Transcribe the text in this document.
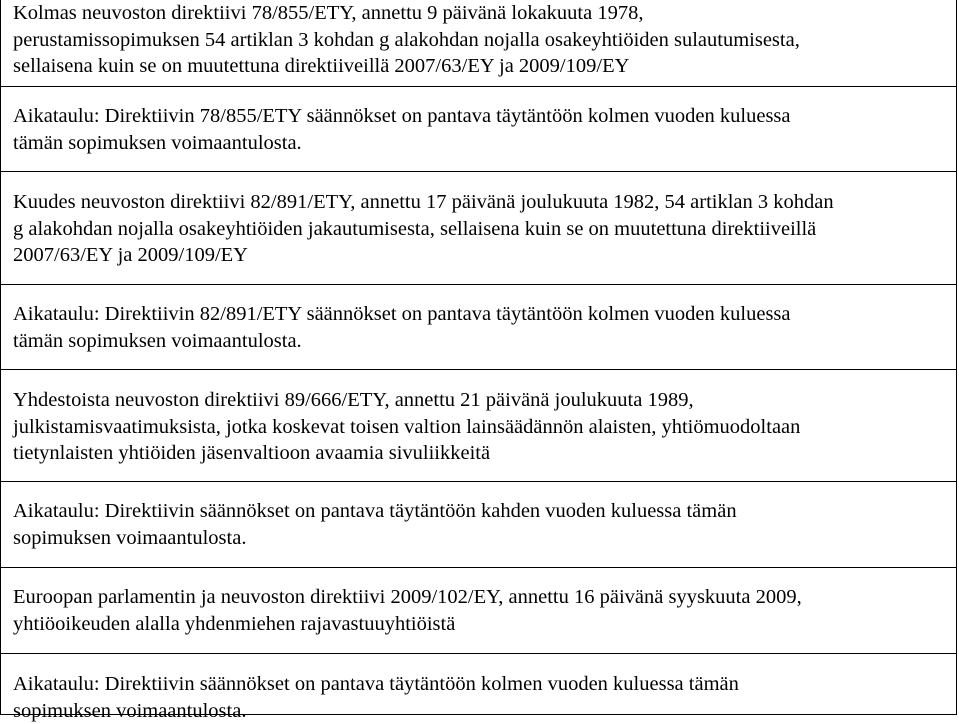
Kolmas neuvoston direktiivi 78/855/ETY, annettu 9 päivänä lokakuuta 1978,
perustamissopimuksen 54 artiklan 3 kohdan g alakohdan nojalla osakeyhtiöiden sulautumisesta,
sellaisena kuin se on muutettuna direktiiveillä 2007/63/EY ja 2009/109/EY
Aikataulu: Direktiivin 78/855/ETY säännökset on pantava täytäntöön kolmen vuoden kuluessa
tämän sopimuksen voimaantulosta.
Kuudes neuvoston direktiivi 82/891/ETY, annettu 17 päivänä joulukuuta 1982, 54 artiklan 3 kohdan
g alakohdan nojalla osakeyhtiöiden jakautumisesta, sellaisena kuin se on muutettuna direktiiveillä
2007/63/EY ja 2009/109/EY
Aikataulu: Direktiivin 82/891/ETY säännökset on pantava täytäntöön kolmen vuoden kuluessa
tämän sopimuksen voimaantulosta.
Yhdestoista neuvoston direktiivi 89/666/ETY, annettu 21 päivänä joulukuuta 1989,
julkistamisvaatimuksista, jotka koskevat toisen valtion lainsäädännön alaisten, yhtiömuodoltaan
tietynlaisten yhtiöiden jäsenvaltioon avaamia sivuliikkeitä
Aikataulu: Direktiivin säännökset on pantava täytäntöön kahden vuoden kuluessa tämän
sopimuksen voimaantulosta.
Euroopan parlamentin ja neuvoston direktiivi 2009/102/EY, annettu 16 päivänä syyskuuta 2009,
yhtiöoikeuden alalla yhdenmiehen rajavastuuyhtiöistä
Aikataulu: Direktiivin säännökset on pantava täytäntöön kolmen vuoden kuluessa tämän
sopimuksen voimaantulosta.
